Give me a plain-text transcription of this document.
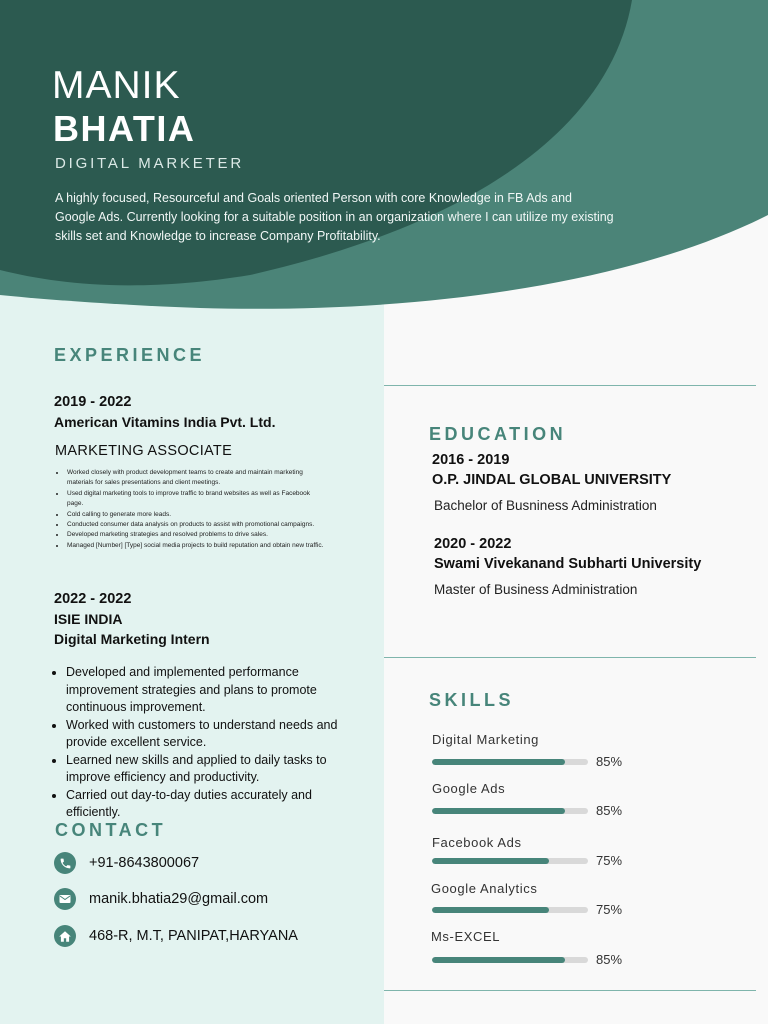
MANIK
BHATIA
DIGITAL MARKETER
A highly focused, Resourceful and Goals oriented Person with core Knowledge in FB Ads and Google Ads. Currently looking for a suitable position in an organization where I can utilize my existing skills set and Knowledge to increase Company Profitability.
EXPERIENCE
2019 - 2022
American Vitamins India Pvt. Ltd.
MARKETING ASSOCIATE
• Worked closely with product development teams to create and maintain marketing materials for sales presentations and client meetings.
• Used digital marketing tools to improve traffic to brand websites as well as Facebook page.
• Cold calling to generate more leads.
• Conducted consumer data analysis on products to assist with promotional campaigns.
• Developed marketing strategies and resolved problems to drive sales.
• Managed [Number] [Type] social media projects to build reputation and obtain new traffic.
2022 - 2022
ISIE INDIA
Digital Marketing Intern
• Developed and implemented performance improvement strategies and plans to promote continuous improvement.
• Worked with customers to understand needs and provide excellent service.
• Learned new skills and applied to daily tasks to improve efficiency and productivity.
• Carried out day-to-day duties accurately and efficiently.
CONTACT
+91-8643800067
manik.bhatia29@gmail.com
468-R, M.T, PANIPAT,HARYANA
EDUCATION
2016 - 2019
O.P. JINDAL GLOBAL UNIVERSITY
Bachelor of Busniness Administration
2020 - 2022
Swami Vivekanand Subharti University
Master of Business Administration
SKILLS
Digital Marketing
85%
Google Ads
85%
Facebook Ads
75%
Google Analytics
75%
Ms-EXCEL
85%
